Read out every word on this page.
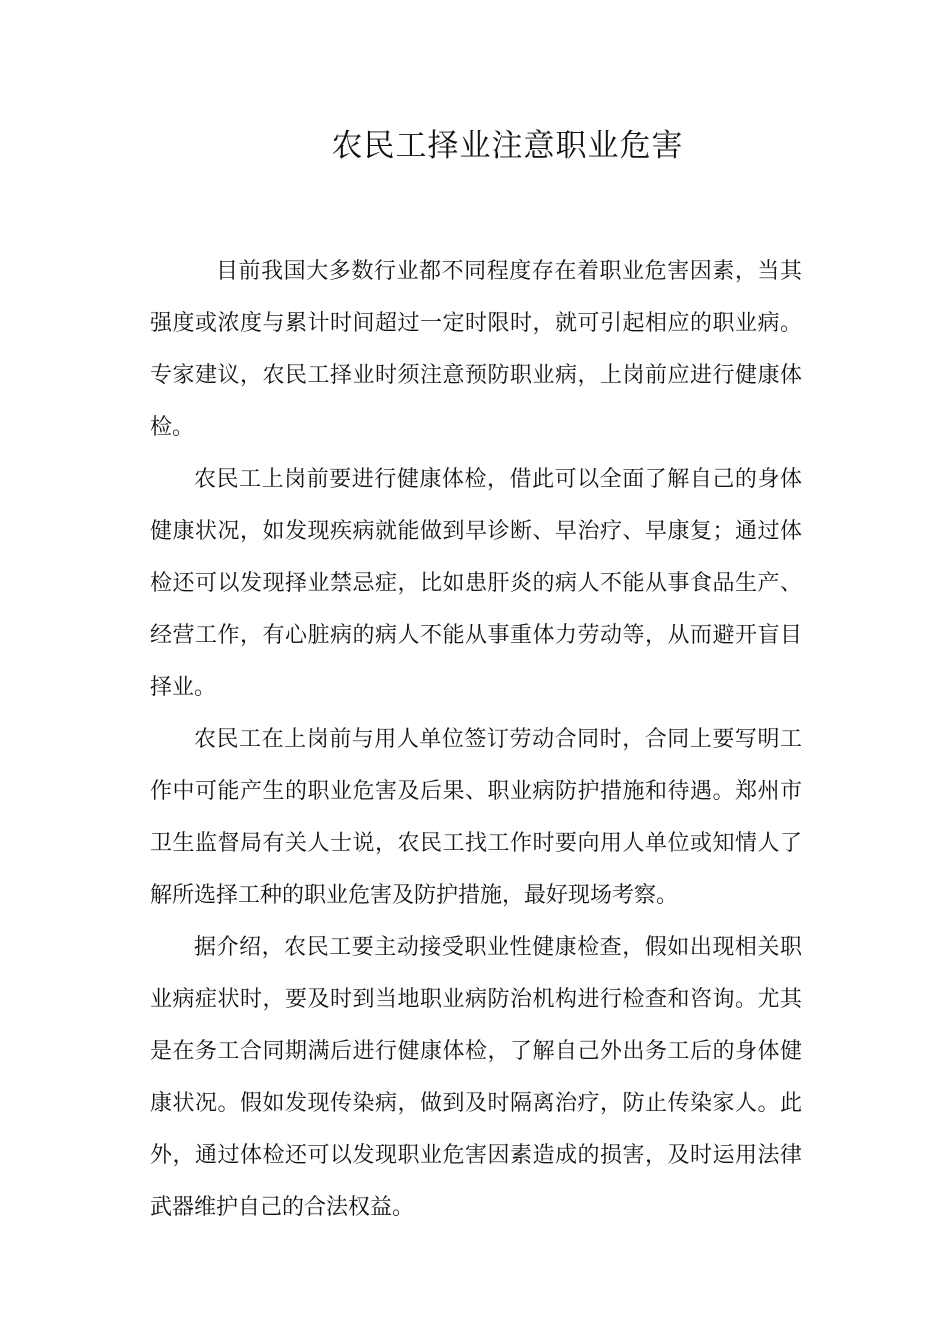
农民工择业注意职业危害

目前我国大多数行业都不同程度存在着职业危害因素，当其强度或浓度与累计时间超过一定时限时，就可引起相应的职业病。专家建议，农民工择业时须注意预防职业病，上岗前应进行健康体检。

农民工上岗前要进行健康体检，借此可以全面了解自己的身体健康状况，如发现疾病就能做到早诊断、早治疗、早康复；通过体检还可以发现择业禁忌症，比如患肝炎的病人不能从事食品生产、经营工作，有心脏病的病人不能从事重体力劳动等，从而避开盲目择业。

农民工在上岗前与用人单位签订劳动合同时，合同上要写明工作中可能产生的职业危害及后果、职业病防护措施和待遇。郑州市卫生监督局有关人士说，农民工找工作时要向用人单位或知情人了解所选择工种的职业危害及防护措施，最好现场考察。

据介绍，农民工要主动接受职业性健康检查，假如出现相关职业病症状时，要及时到当地职业病防治机构进行检查和咨询。尤其是在务工合同期满后进行健康体检，了解自己外出务工后的身体健康状况。假如发现传染病，做到及时隔离治疗，防止传染家人。此外，通过体检还可以发现职业危害因素造成的损害，及时运用法律武器维护自己的合法权益。
